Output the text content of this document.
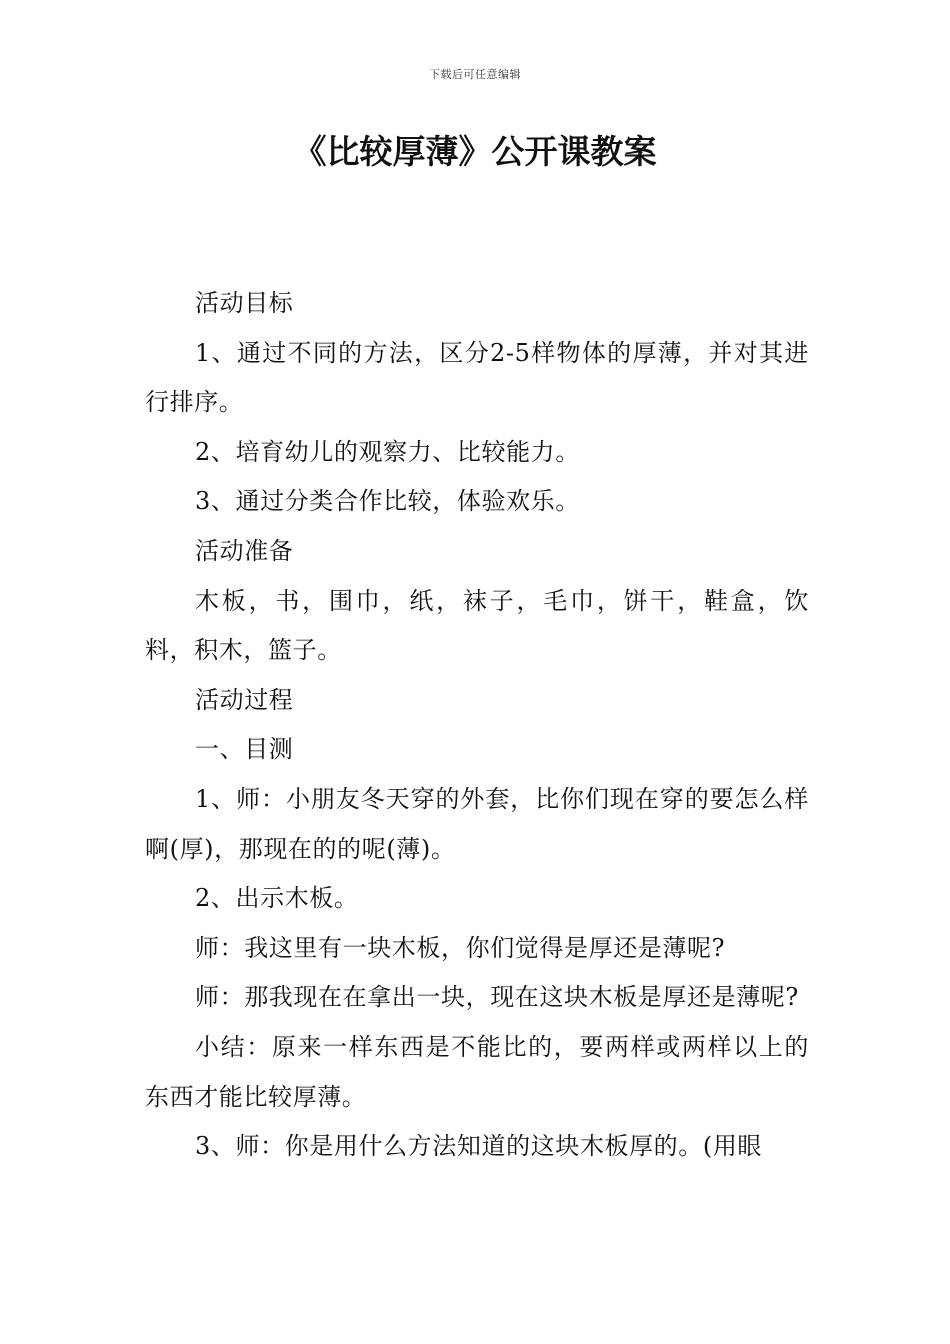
下载后可任意编辑
《比较厚薄》公开课教案

活动目标

1、通过不同的方法，区分2-5样物体的厚薄，并对其进行排序。

2、培育幼儿的观察力、比较能力。

3、通过分类合作比较，体验欢乐。

活动准备

木板，书，围巾，纸，袜子，毛巾，饼干，鞋盒，饮料，积木，篮子。

活动过程

一、目测

1、师：小朋友冬天穿的外套，比你们现在穿的要怎么样啊(厚)，那现在的的呢(薄)。

2、出示木板。

师：我这里有一块木板，你们觉得是厚还是薄呢?

师：那我现在在拿出一块，现在这块木板是厚还是薄呢?

小结：原来一样东西是不能比的，要两样或两样以上的东西才能比较厚薄。

3、师：你是用什么方法知道的这块木板厚的。(用眼
